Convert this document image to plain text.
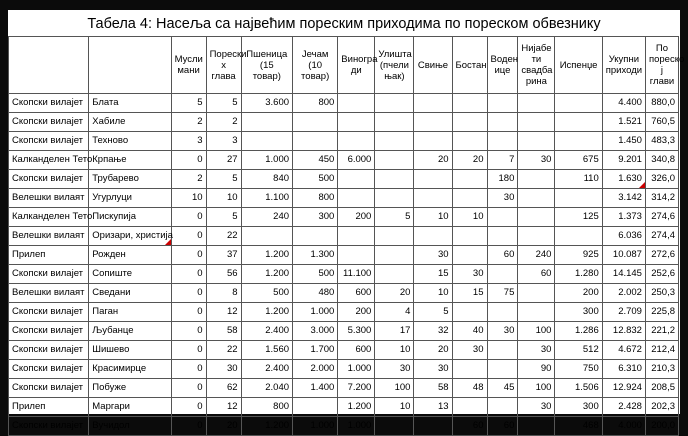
Табела 4: Насеља са највећим пореским приходима по пореском обвезнику
		Мусли мани	Порески х глава	Пшеница (15 товар)	Јечам (10 товар)	Виногра ди	Улишта (пчели њак)	Свиње	Бостан	Воден ице	Нијабе ти свадба рина	Испенџе	Укупни приходи	По пореско ј глави
Скопски вилајет	Блата	5	5	3.600	800								4.400	880,0
Скопски вилајет	Хабиле	2	2										1.521	760,5
Скопски вилајет	Техново	3	3										1.450	483,3
Калканделен Тето	Крпање	0	27	1.000	450	6.000		20	20	7	30	675	9.201	340,8
Скопски вилајет	Трубарево	2	5	840	500					180		110	1.630	326,0
Велешки вилаят	Угурлуци	10	10	1.100	800					30			3.142	314,2
Калканделен Тето	Пискупија	0	5	240	300	200	5	10	10			125	1.373	274,6
Велешки вилаят	Оризари, христија	0	22										6.036	274,4
Прилеп	Рожден	0	37	1.200	1.300			30		60	240	925	10.087	272,6
Скопски вилајет	Сопиште	0	56	1.200	500	11.100		15	30		60	1.280	14.145	252,6
Велешки вилаят	Сведани	0	8	500	480	600	20	10	15	75		200	2.002	250,3
Скопски вилајет	Паган	0	12	1.200	1.000	200	4	5				300	2.709	225,8
Скопски вилајет	Љубанце	0	58	2.400	3.000	5.300	17	32	40	30	100	1.286	12.832	221,2
Скопски вилајет	Шишево	0	22	1.560	1.700	600	10	20	30		30	512	4.672	212,4
Скопски вилајет	Красимирце	0	30	2.400	2.000	1.000	30	30			90	750	6.310	210,3
Скопски вилајет	Побуже	0	62	2.040	1.400	7.200	100	58	48	45	100	1.506	12.924	208,5
Прилеп	Маргари	0	12	800		1.200	10	13			30	300	2.428	202,3
Скопски вилајет	Вучидол	0	20	1.200	1.000	1.000			60	60		468	4.000	200,0
